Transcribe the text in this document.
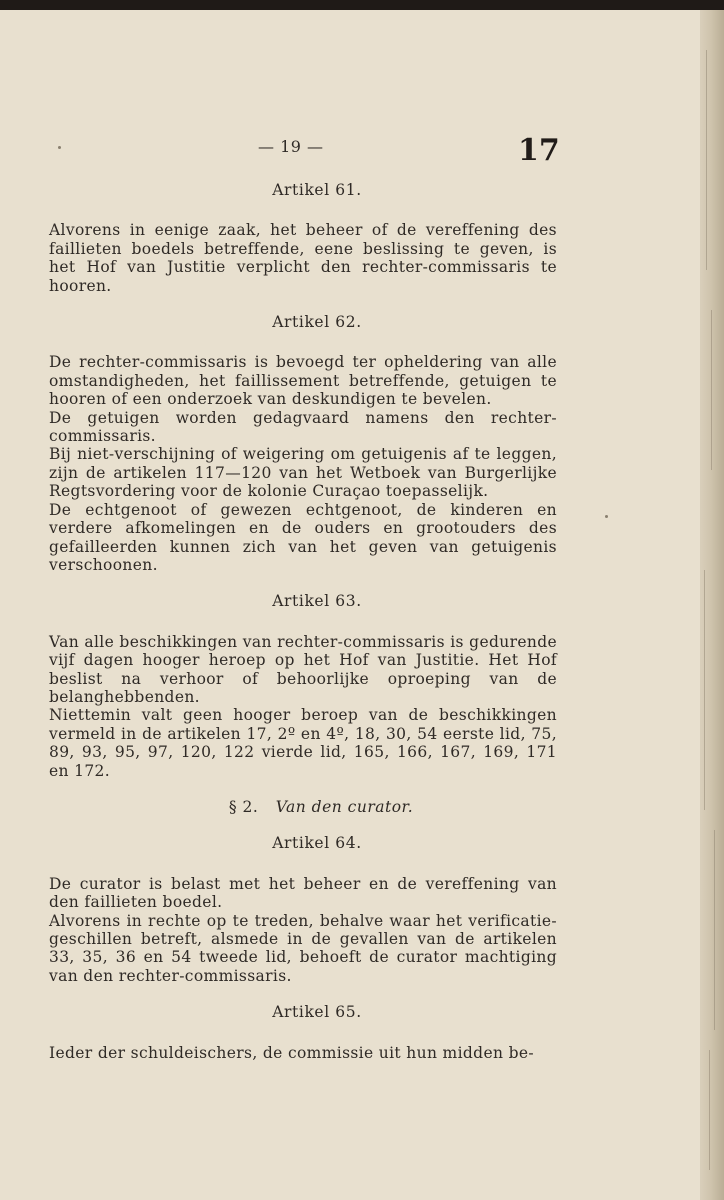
— 19 —	17

Artikel 61.

Alvorens in eenige zaak, het beheer of de vereffening des faillieten boedels betreffende, eene beslissing te geven, is het Hof van Justitie verplicht den rechter-commissaris te hooren.

Artikel 62.

De rechter-commissaris is bevoegd ter opheldering van alle omstandigheden, het faillissement betreffende, getuigen te hooren of een onderzoek van deskundigen te bevelen.

De getuigen worden gedagvaard namens den rechter-commissaris.

Bij niet-verschijning of weigering om getuigenis af te leggen, zijn de artikelen 117—120 van het Wetboek van Burgerlijke Regtsvordering voor de kolonie Curaçao toepasselijk.

De echtgenoot of gewezen echtgenoot, de kinderen en verdere afkomelingen en de ouders en grootouders des gefailleerden kunnen zich van het geven van getuigenis verschoonen.

Artikel 63.

Van alle beschikkingen van rechter-commissaris is gedurende vijf dagen hooger heroep op het Hof van Justitie. Het Hof beslist na verhoor of behoorlijke oproeping van de belanghebbenden.

Niettemin valt geen hooger beroep van de beschikkingen vermeld in de artikelen 17, 2º en 4º, 18, 30, 54 eerste lid, 75, 89, 93, 95, 97, 120, 122 vierde lid, 165, 166, 167, 169, 171 en 172.

§ 2. Van den curator.

Artikel 64.

De curator is belast met het beheer en de vereffening van den faillieten boedel.

Alvorens in rechte op te treden, behalve waar het verificatie-geschillen betreft, alsmede in de gevallen van de artikelen 33, 35, 36 en 54 tweede lid, behoeft de curator machtiging van den rechter-commissaris.

Artikel 65.

Ieder der schuldeischers, de commissie uit hun midden be-
